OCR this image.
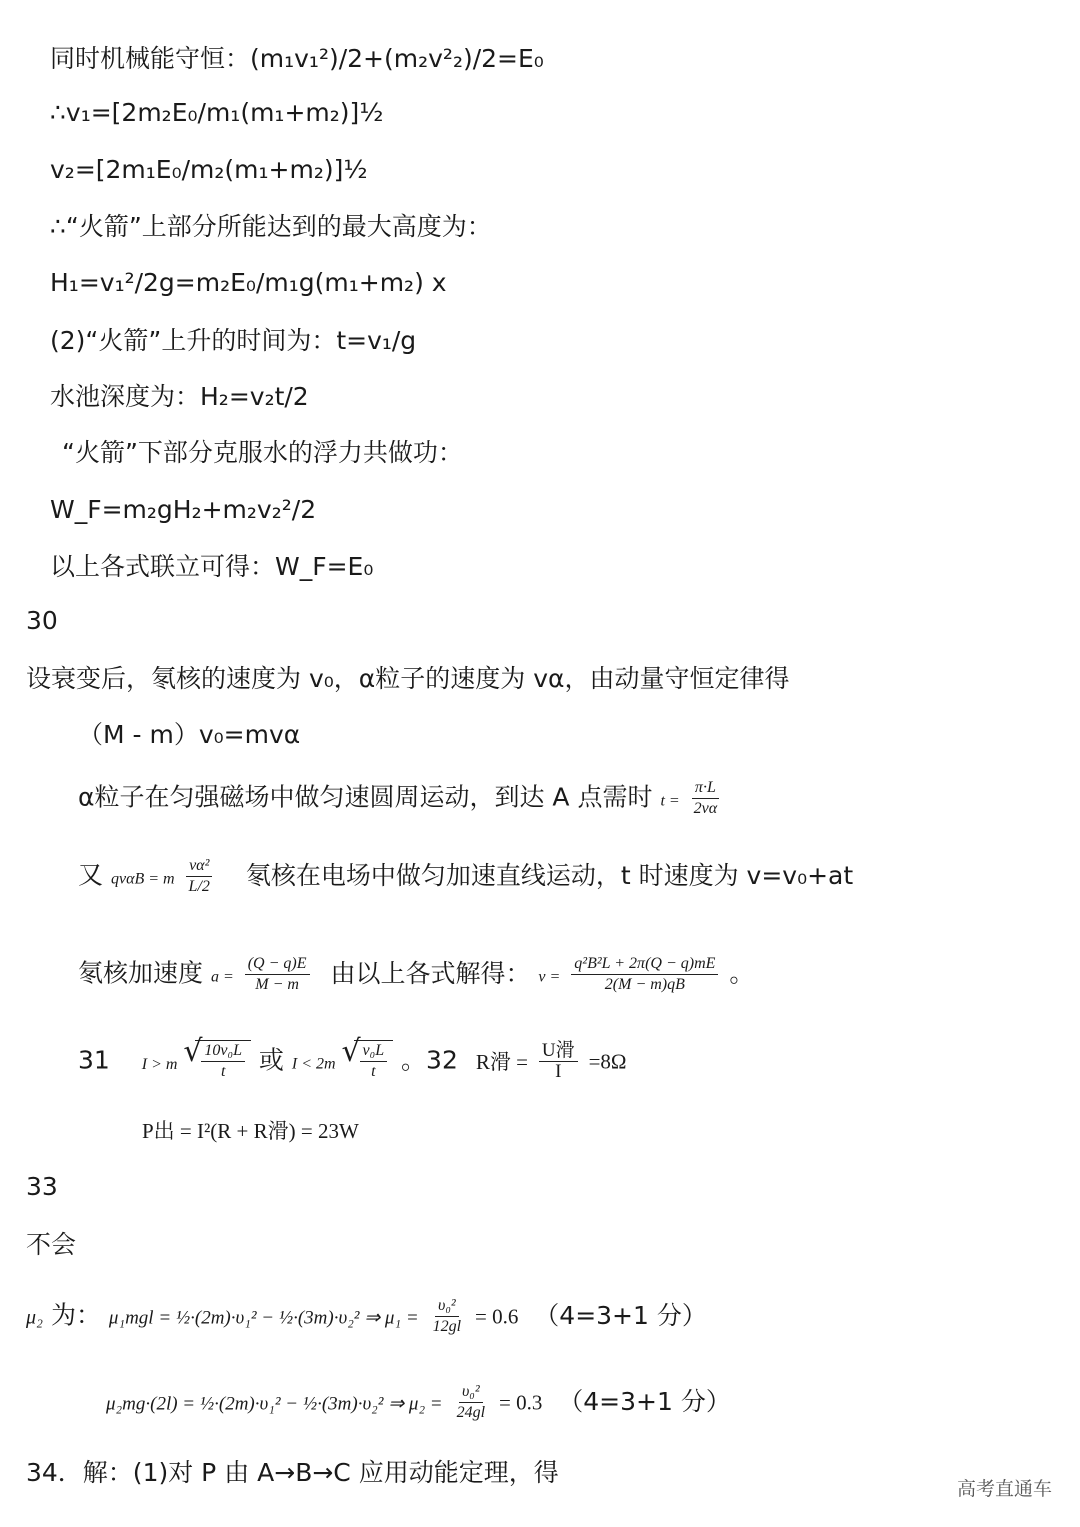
同时机械能守恒：(m₁v₁²)/2+(m₂v²₂)/2=E₀
∴v₁=[2m₂E₀/m₁(m₁+m₂)]½
v₂=[2m₁E₀/m₂(m₁+m₂)]½
∴“火箭”上部分所能达到的最大高度为：
H₁=v₁²/2g=m₂E₀/m₁g(m₁+m₂) x
(2)“火箭”上升的时间为：t=v₁/g
水池深度为：H₂=v₂t/2
“火箭”下部分克服水的浮力共做功：
W_F=m₂gH₂+m₂v₂²/2
以上各式联立可得：W_F=E₀
30
设衰变后，氡核的速度为 v₀，α粒子的速度为 vα，由动量守恒定律得
（M - m）v₀=mvα
α粒子在匀强磁场中做匀速圆周运动，到达 A 点需时 $t = \frac{\pi\cdot L}{2v\alpha}$
又 qvαB = m $\frac{\text{vα²}}{L/2}$ 氡核在电场中做匀加速直线运动，t 时速度为 v=v₀+at
氡核加速度 $a = \frac{(Q - q)E}{M - m}$ 由以上各式解得： $v = \frac{\text{q²B²L + 2π(Q − q)mE}}{2(M - m)qB}$ 。
31 I > m √ $\frac{\text{10v₀L}}{t}$ 或 I < 2m √ $\frac{\text{v₀L}}{t}$ 。32 R滑 = $\frac{\text{U滑}}{I} =8\Omega$
P出 = I²(R + R滑) = 23W
33
不会
μ₂ 为： μ₁mgl = ½·(2m)·υ₁² − ½·(3m)·υ₂² ⇒ $\mu_1 = \frac{\text{υ₀²}}{12gl} = 0.6$ （4=3+1 分）
μ₂mg·(2l) = ½·(2m)·υ₁² − ½·(3m)·υ₂² ⇒ $\mu_2 = \frac{\text{υ₀²}}{24gl} = 0.3$ （4=3+1 分）
34．解：(1)对 P 由 A→B→C 应用动能定理，得
高考直通车
